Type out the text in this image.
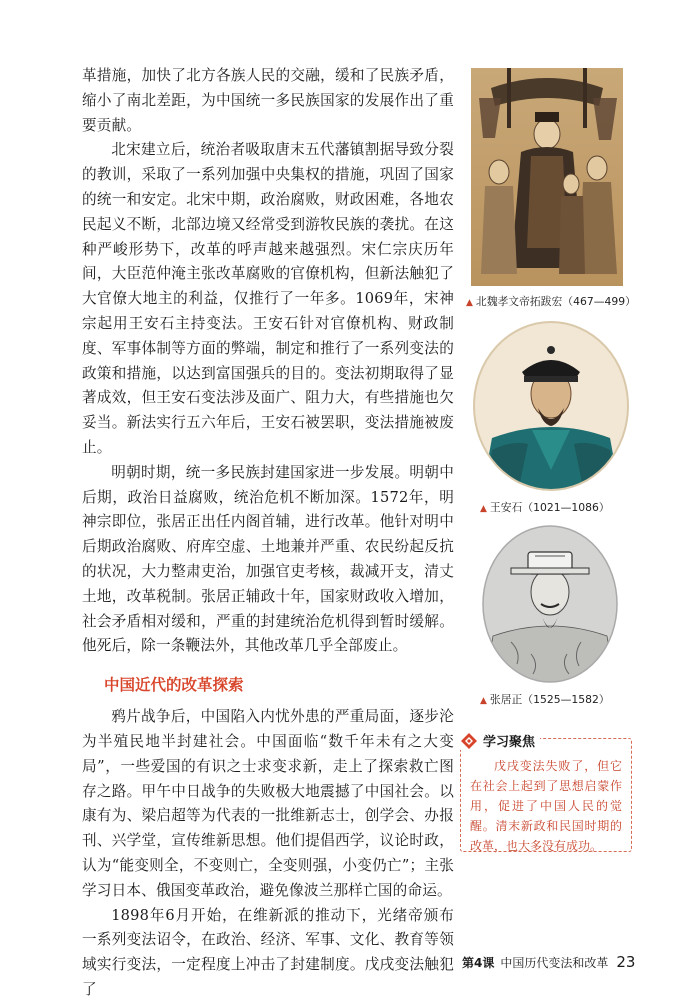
革措施，加快了北方各族人民的交融，缓和了民族矛盾，缩小了南北差距，为中国统一多民族国家的发展作出了重要贡献。

北宋建立后，统治者吸取唐末五代藩镇割据导致分裂的教训，采取了一系列加强中央集权的措施，巩固了国家的统一和安定。北宋中期，政治腐败，财政困难，各地农民起义不断，北部边境又经常受到游牧民族的袭扰。在这种严峻形势下，改革的呼声越来越强烈。宋仁宗庆历年间，大臣范仲淹主张改革腐败的官僚机构，但新法触犯了大官僚大地主的利益，仅推行了一年多。1069年，宋神宗起用王安石主持变法。王安石针对官僚机构、财政制度、军事体制等方面的弊端，制定和推行了一系列变法的政策和措施，以达到富国强兵的目的。变法初期取得了显著成效，但王安石变法涉及面广、阻力大，有些措施也欠妥当。新法实行五六年后，王安石被罢职，变法措施被废止。

明朝时期，统一多民族封建国家进一步发展。明朝中后期，政治日益腐败，统治危机不断加深。1572年，明神宗即位，张居正出任内阁首辅，进行改革。他针对明中后期政治腐败、府库空虚、土地兼并严重、农民纷起反抗的状况，大力整肃吏治，加强官吏考核，裁减开支，清丈土地，改革税制。张居正辅政十年，国家财政收入增加，社会矛盾相对缓和，严重的封建统治危机得到暂时缓解。他死后，除一条鞭法外，其他改革几乎全部废止。

中国近代的改革探索

鸦片战争后，中国陷入内忧外患的严重局面，逐步沦为半殖民地半封建社会。中国面临“数千年未有之大变局”，一些爱国的有识之士求变求新，走上了探索救亡图存之路。甲午中日战争的失败极大地震撼了中国社会。以康有为、梁启超等为代表的一批维新志士，创学会、办报刊、兴学堂，宣传维新思想。他们提倡西学，议论时政，认为“能变则全，不变则亡，全变则强，小变仍亡”；主张学习日本、俄国变革政治，避免像波兰那样亡国的命运。

1898年6月开始，在维新派的推动下，光绪帝颁布一系列变法诏令，在政治、经济、军事、文化、教育等领域实行变法，一定程度上冲击了封建制度。戊戌变法触犯了

▲ 北魏孝文帝拓跋宏（467—499）
▲ 王安石（1021—1086）
▲ 张居正（1525—1582）
学习聚焦
戊戌变法失败了，但它在社会上起到了思想启蒙作用，促进了中国人民的觉醒。清末新政和民国时期的改革，也大多没有成功。
第4课 中国历代变法和改革 23
